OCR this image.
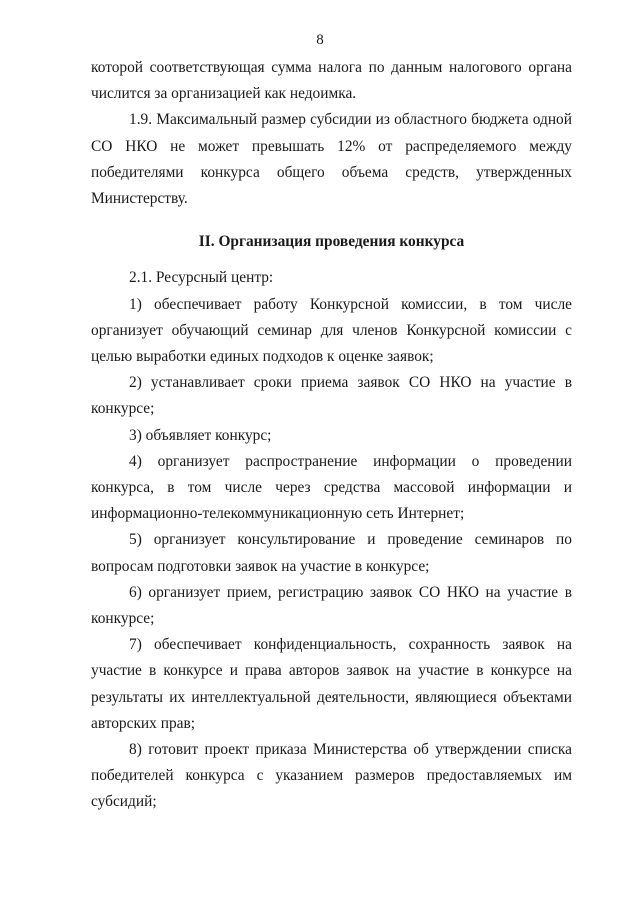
8

которой соответствующая сумма налога по данным налогового органа числится за организацией как недоимка.

1.9. Максимальный размер субсидии из областного бюджета одной СО НКО не может превышать 12% от распределяемого между победителями конкурса общего объема средств, утвержденных Министерству.

II. Организация проведения конкурса

2.1. Ресурсный центр:

1) обеспечивает работу Конкурсной комиссии, в том числе организует обучающий семинар для членов Конкурсной комиссии с целью выработки единых подходов к оценке заявок;

2) устанавливает сроки приема заявок СО НКО на участие в конкурсе;

3) объявляет конкурс;

4) организует распространение информации о проведении конкурса, в том числе через средства массовой информации и информационно-телекоммуникационную сеть Интернет;

5) организует консультирование и проведение семинаров по вопросам подготовки заявок на участие в конкурсе;

6) организует прием, регистрацию заявок СО НКО на участие в конкурсе;

7) обеспечивает конфиденциальность, сохранность заявок на участие в конкурсе и права авторов заявок на участие в конкурсе на результаты их интеллектуальной деятельности, являющиеся объектами авторских прав;

8) готовит проект приказа Министерства об утверждении списка победителей конкурса с указанием размеров предоставляемых им субсидий;
